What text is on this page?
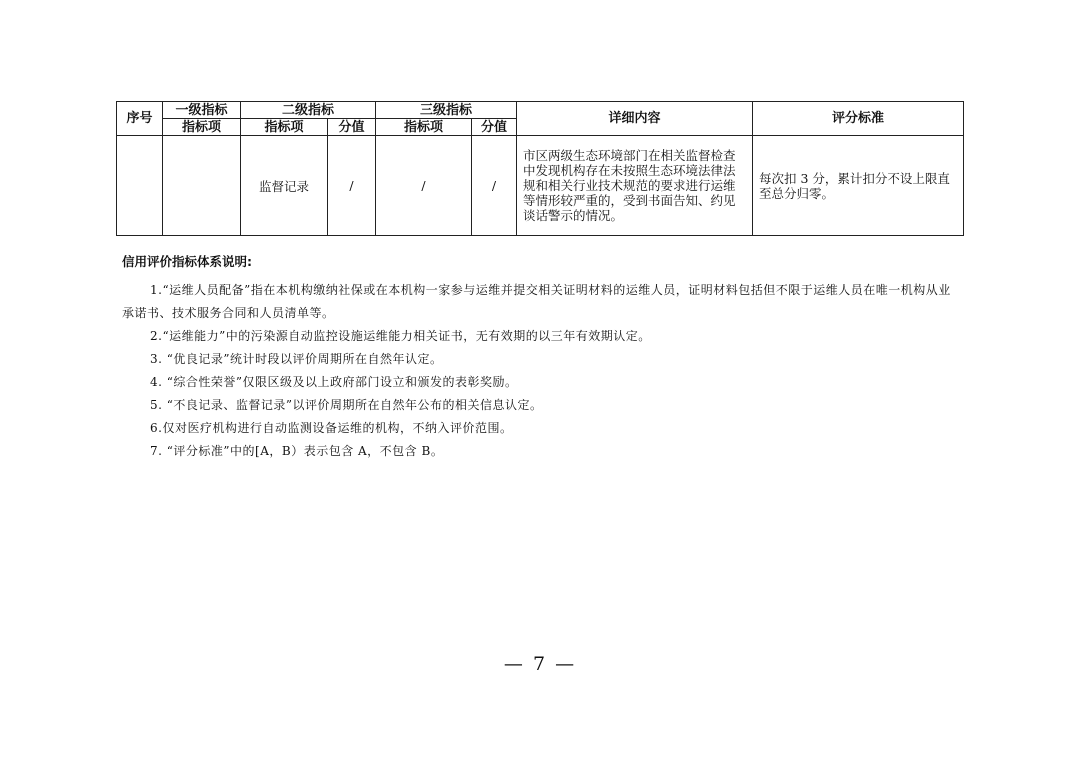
序号	一级指标	二级指标		三级指标		详细内容	评分标准
	指标项	指标项	分值	指标项	分值		
		监督记录	/	/	/	市区两级生态环境部门在相关监督检查中发现机构存在未按照生态环境法律法规和相关行业技术规范的要求进行运维等情形较严重的，受到书面告知、约见谈话警示的情况。	每次扣 3 分，累计扣分不设上限直至总分归零。

信用评价指标体系说明:

1.“运维人员配备”指在本机构缴纳社保或在本机构一家参与运维并提交相关证明材料的运维人员，证明材料包括但不限于运维人员在唯一机构从业承诺书、技术服务合同和人员清单等。

2.“运维能力”中的污染源自动监控设施运维能力相关证书，无有效期的以三年有效期认定。

3. “优良记录”统计时段以评价周期所在自然年认定。

4. “综合性荣誉”仅限区级及以上政府部门设立和颁发的表彰奖励。

5. “不良记录、监督记录”以评价周期所在自然年公布的相关信息认定。

6.仅对医疗机构进行自动监测设备运维的机构，不纳入评价范围。

7. “评分标准”中的[A，B）表示包含 A，不包含 B。

— 7 —
